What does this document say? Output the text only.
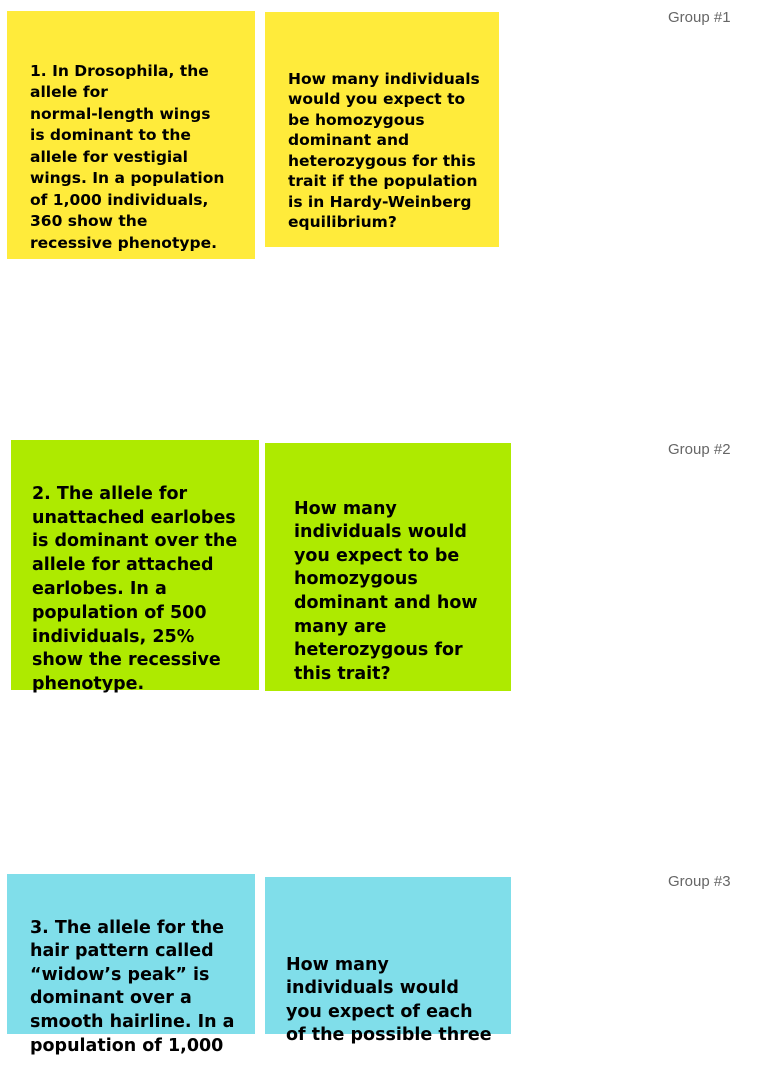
Group #1

1. In Drosophila, the
allele for
normal-length wings
is dominant to the
allele for vestigial
wings. In a population
of 1,000 individuals,
360 show the
recessive phenotype.

How many individuals
would you expect to
be homozygous
dominant and
heterozygous for this
trait if the population
is in Hardy-Weinberg
equilibrium?

Group #2

2. The allele for
unattached earlobes
is dominant over the
allele for attached
earlobes. In a
population of 500
individuals, 25%
show the recessive
phenotype.

How many
individuals would
you expect to be
homozygous
dominant and how
many are
heterozygous for
this trait?

Group #3

3. The allele for the
hair pattern called
“widow’s peak” is
dominant over a
smooth hairline. In a
population of 1,000

How many
individuals would
you expect of each
of the possible three
